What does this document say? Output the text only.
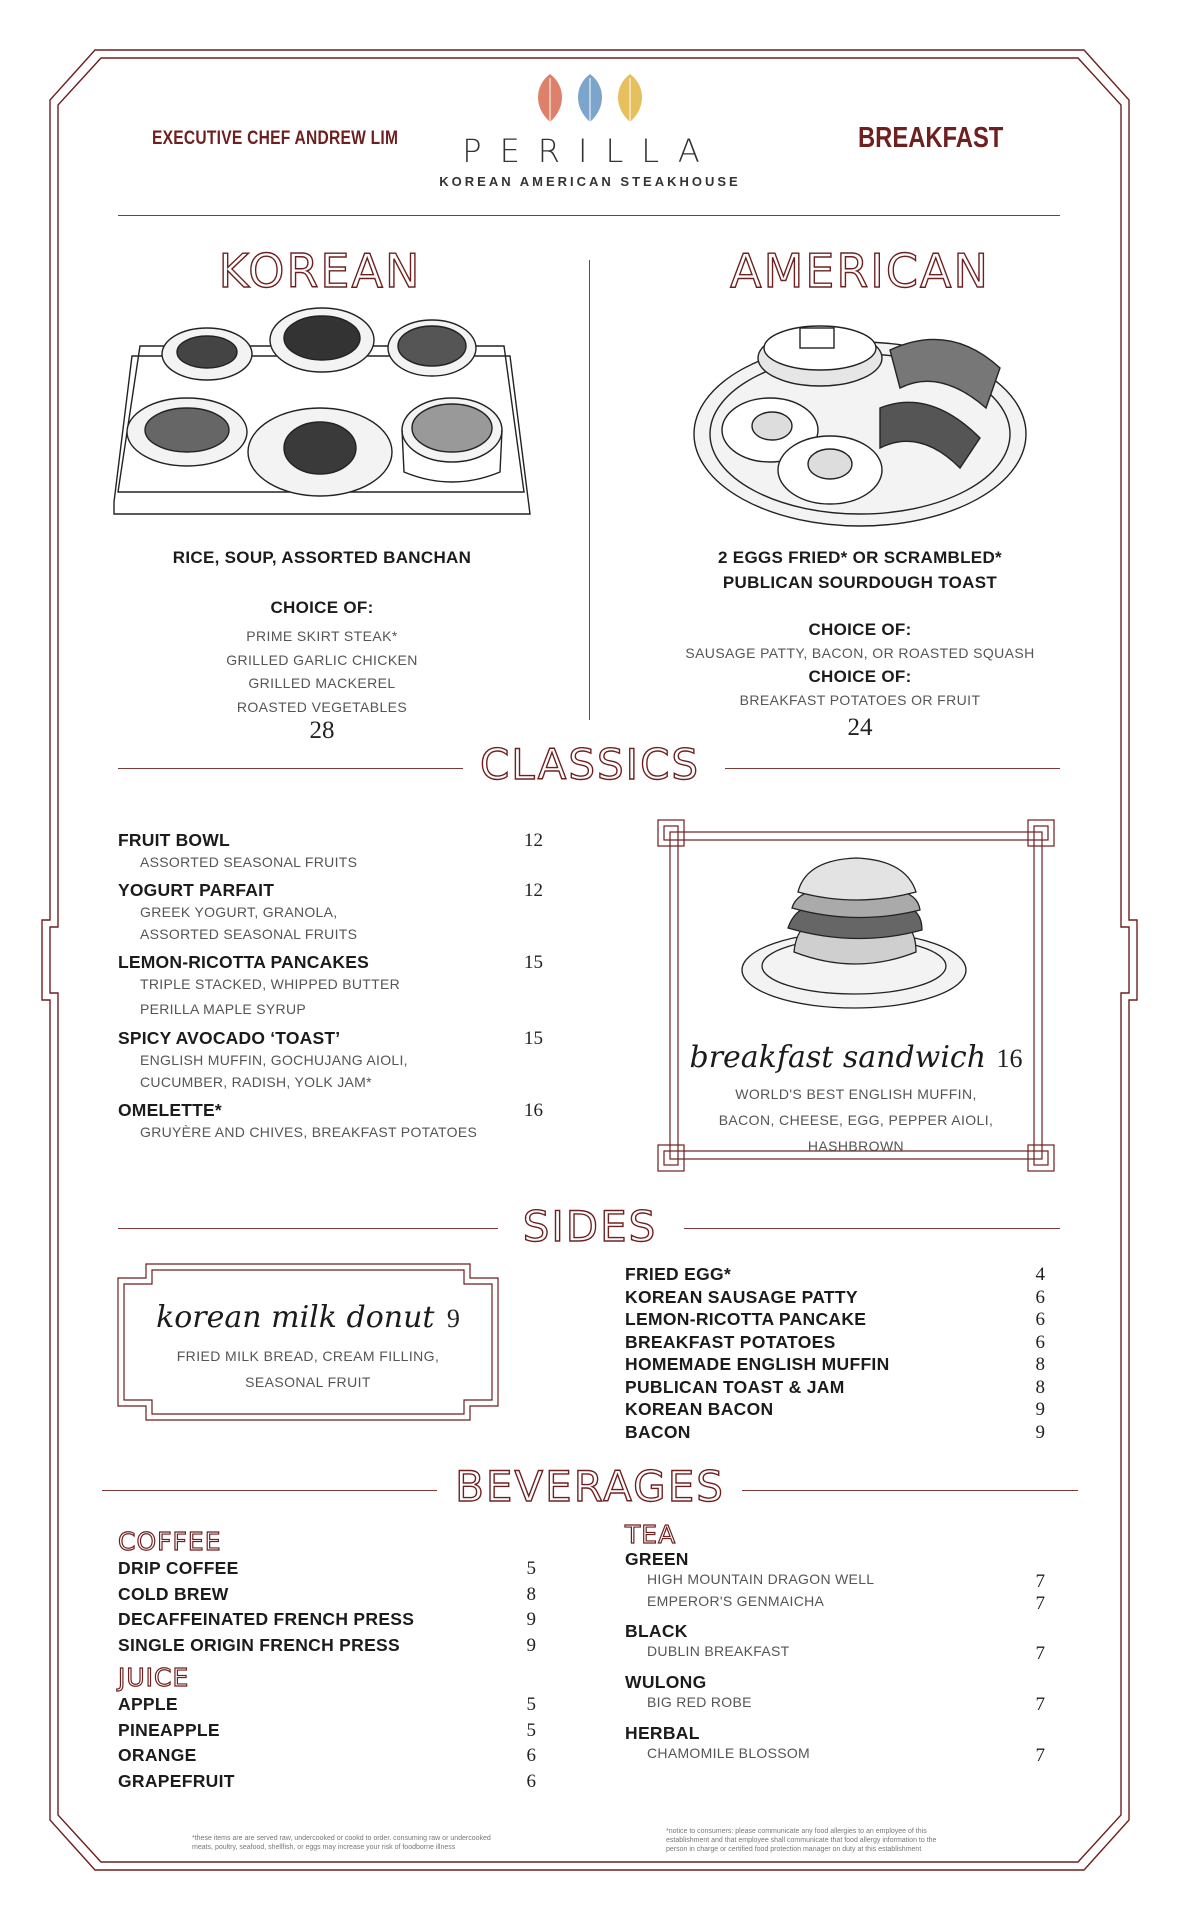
EXECUTIVE CHEF ANDREW LIM	PERILLA
KOREAN AMERICAN STEAKHOUSE
BREAKFAST
KOREAN
RICE, SOUP, ASSORTED BANCHAN
CHOICE OF:
PRIME SKIRT STEAK*
GRILLED GARLIC CHICKEN
GRILLED MACKEREL
ROASTED VEGETABLES
28
AMERICAN
2 EGGS FRIED* OR SCRAMBLED*
PUBLICAN SOURDOUGH TOAST
CHOICE OF:
SAUSAGE PATTY, BACON, OR ROASTED SQUASH
CHOICE OF:
BREAKFAST POTATOES OR FRUIT
24
CLASSICS
FRUIT BOWL	12
ASSORTED SEASONAL FRUITS
YOGURT PARFAIT	12
GREEK YOGURT, GRANOLA,
ASSORTED SEASONAL FRUITS
LEMON-RICOTTA PANCAKES	15
TRIPLE STACKED, WHIPPED BUTTER
PERILLA MAPLE SYRUP
SPICY AVOCADO ‘TOAST’	15
ENGLISH MUFFIN, GOCHUJANG AIOLI,
CUCUMBER, RADISH, YOLK JAM*
OMELETTE*	16
GRUYÈRE AND CHIVES, BREAKFAST POTATOES
breakfast sandwich 16
WORLD'S BEST ENGLISH MUFFIN,
BACON, CHEESE, EGG, PEPPER AIOLI,
HASHBROWN
SIDES
korean milk donut 9
FRIED MILK BREAD, CREAM FILLING,
SEASONAL FRUIT
FRIED EGG*	4
KOREAN SAUSAGE PATTY	6
LEMON-RICOTTA PANCAKE	6
BREAKFAST POTATOES	6
HOMEMADE ENGLISH MUFFIN	8
PUBLICAN TOAST & JAM	8
KOREAN BACON	9
BACON	9
BEVERAGES
COFFEE
DRIP COFFEE	5
COLD BREW	8
DECAFFEINATED FRENCH PRESS	9
SINGLE ORIGIN FRENCH PRESS	9
JUICE
APPLE	5
PINEAPPLE	5
ORANGE	6
GRAPEFRUIT	6
TEA
GREEN
HIGH MOUNTAIN DRAGON WELL	7
EMPEROR'S GENMAICHA	7
BLACK
DUBLIN BREAKFAST	7
WULONG
BIG RED ROBE	7
HERBAL
CHAMOMILE BLOSSOM	7
*these items are are served raw, undercooked or cookd to order. consuming raw or undercooked
meats, poultry, seafood, shellfish, or eggs may increase your risk of foodborne illness
*notice to consumers: please communicate any food allergies to an employee of this
establishment and that employee shall communicate that food allergy information to the
person in charge or certified food protection manager on duty at this establishment
